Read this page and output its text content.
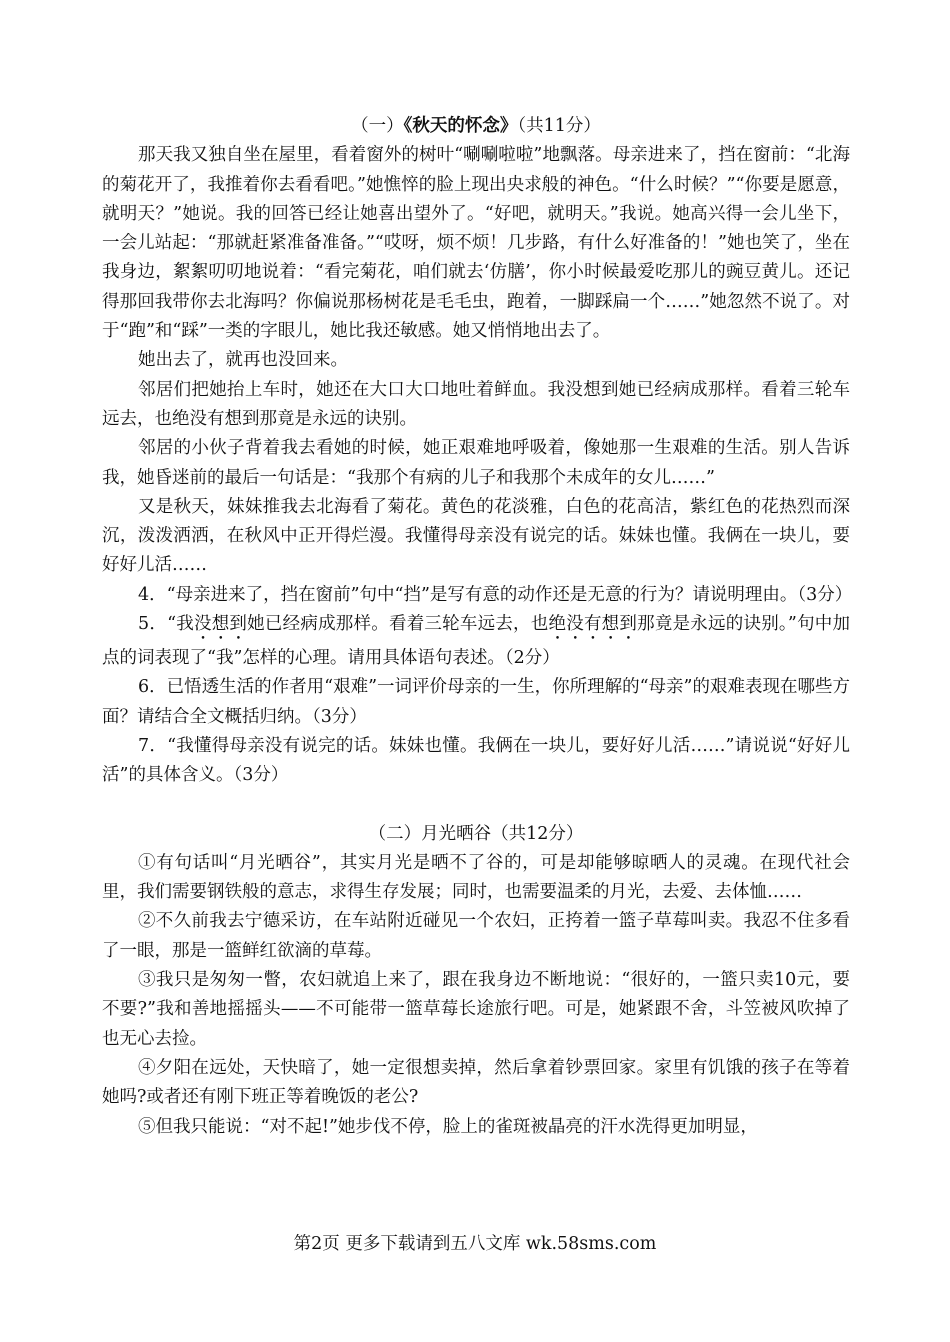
（一）《秋天的怀念》（共11分）

那天我又独自坐在屋里，看着窗外的树叶“唰唰啦啦”地飘落。母亲进来了，挡在窗前：“北海的菊花开了，我推着你去看看吧。”她憔悴的脸上现出央求般的神色。“什么时候？”“你要是愿意，就明天？”她说。我的回答已经让她喜出望外了。“好吧，就明天。”我说。她高兴得一会儿坐下，一会儿站起：“那就赶紧准备准备。”“哎呀，烦不烦！几步路，有什么好准备的！”她也笑了，坐在我身边，絮絮叨叨地说着：“看完菊花，咱们就去‘仿膳’，你小时候最爱吃那儿的豌豆黄儿。还记得那回我带你去北海吗？你偏说那杨树花是毛毛虫，跑着，一脚踩扁一个……”她忽然不说了。对于“跑”和“踩”一类的字眼儿，她比我还敏感。她又悄悄地出去了。

她出去了，就再也没回来。

邻居们把她抬上车时，她还在大口大口地吐着鲜血。我没想到她已经病成那样。看着三轮车远去，也绝没有想到那竟是永远的诀别。

邻居的小伙子背着我去看她的时候，她正艰难地呼吸着，像她那一生艰难的生活。别人告诉我，她昏迷前的最后一句话是：“我那个有病的儿子和我那个未成年的女儿……”

又是秋天，妹妹推我去北海看了菊花。黄色的花淡雅，白色的花高洁，紫红色的花热烈而深沉，泼泼洒洒，在秋风中正开得烂漫。我懂得母亲没有说完的话。妹妹也懂。我俩在一块儿，要好好儿活……

4．“母亲进来了，挡在窗前”句中“挡”是写有意的动作还是无意的行为？请说明理由。（3分）

5．“我没想到她已经病成那样。看着三轮车远去，也绝没有想到那竟是永远的诀别。”句中加点的词表现了“我”怎样的心理。请用具体语句表述。（2分）

6．已悟透生活的作者用“艰难”一词评价母亲的一生，你所理解的“母亲”的艰难表现在哪些方面？请结合全文概括归纳。（3分）

7．“我懂得母亲没有说完的话。妹妹也懂。我俩在一块儿，要好好儿活……”请说说“好好儿活”的具体含义。（3分）

（二）月光晒谷（共12分）

①有句话叫“月光晒谷”，其实月光是晒不了谷的，可是却能够晾晒人的灵魂。在现代社会里，我们需要钢铁般的意志，求得生存发展；同时，也需要温柔的月光，去爱、去体恤……

②不久前我去宁德采访，在车站附近碰见一个农妇，正挎着一篮子草莓叫卖。我忍不住多看了一眼，那是一篮鲜红欲滴的草莓。

③我只是匆匆一瞥，农妇就追上来了，跟在我身边不断地说：“很好的，一篮只卖10元，要不要?”我和善地摇摇头——不可能带一篮草莓长途旅行吧。可是，她紧跟不舍，斗笠被风吹掉了也无心去捡。

④夕阳在远处，天快暗了，她一定很想卖掉，然后拿着钞票回家。家里有饥饿的孩子在等着她吗?或者还有刚下班正等着晚饭的老公?

⑤但我只能说：“对不起!”她步伐不停，脸上的雀斑被晶亮的汗水洗得更加明显，

第2页 更多下载请到五八文库 wk.58sms.com
